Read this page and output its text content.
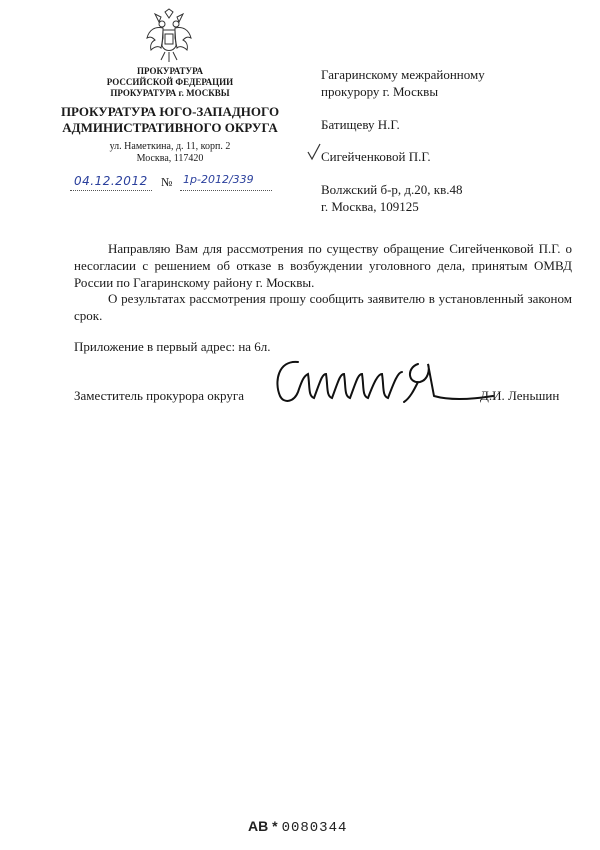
ПРОКУРАТУРА
РОССИЙСКОЙ ФЕДЕРАЦИИ
ПРОКУРАТУРА г. МОСКВЫ
ПРОКУРАТУРА ЮГО-ЗАПАДНОГО
АДМИНИСТРАТИВНОГО ОКРУГА
ул. Наметкина, д. 11, корп. 2
Москва, 117420
04.12.2012 № 1р-2012/339
Гагаринскому межрайонному
прокурору г. Москвы
Батищеву Н.Г.
Сигейченковой П.Г.
Волжский б-р, д.20, кв.48
г. Москва, 109125
Направляю Вам для рассмотрения по существу обращение Сигейченковой П.Г. о несогласии с решением об отказе в возбуждении уголовного дела, принятым ОМВД России по Гагаринскому району г. Москвы.
О результатах рассмотрения прошу сообщить заявителю в установленный законом срок.
Приложение в первый адрес: на 6л.
Заместитель прокурора округа	Д.И. Леньшин
АВ * 0080344
